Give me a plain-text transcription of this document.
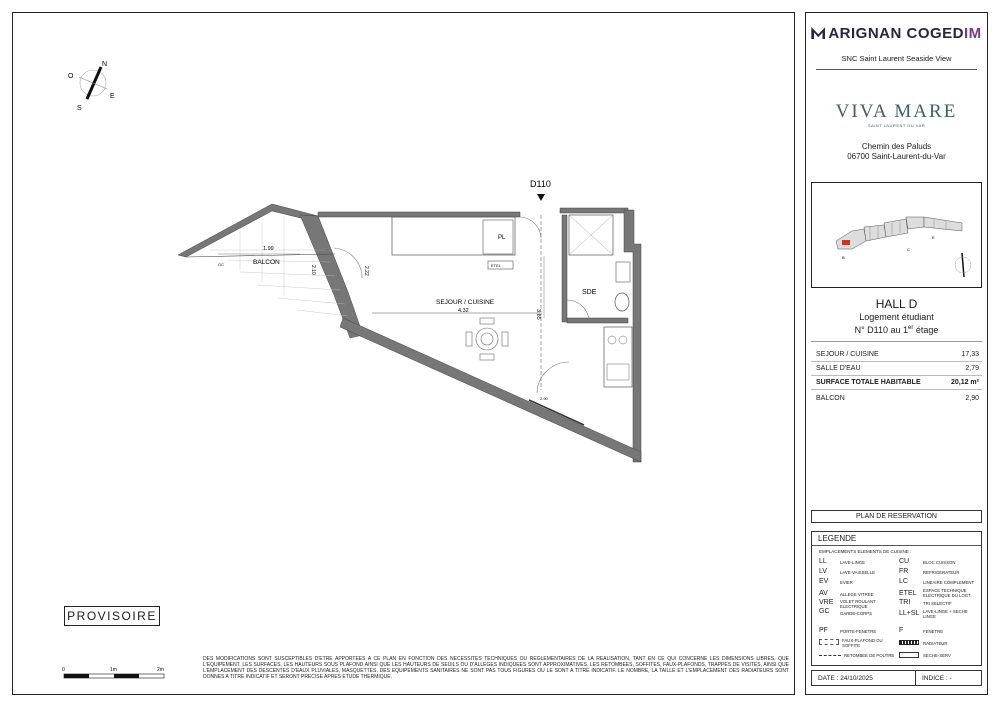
N
E
S
O
D110
PL
ETEL
SDE
SEJOUR / CUISINE
4.32	3.85
BALCON
1.99
2.22
2.10
2.90
GC
0	1m	2m
PROVISOIRE
DES MODIFICATIONS SONT SUSCEPTIBLES D'ETRE APPORTEES A CE PLAN EN FONCTION DES NECESSITES TECHNIQUES OU REGLEMENTAIRES DE LA REALISATION, TANT EN CE QUI CONCERNE LES DIMENSIONS LIBRES, QUE L'EQUIPEMENT. LES SURFACES, LES HAUTEURS SOUS PLAFOND AINSI QUE LES HAUTEURS DE SEUILS OU D'ALLEGES INDIQUEES SONT APPROXIMATIVES. LES RETOMBEES, SOFFITES, FAUX-PLAFONDS, TRAPPES DE VISITES, AINSI QUE L'EMPLACEMENT DES DESCENTES D'EAUX PLUVIALES, MASQUETTES, DES EQUIPEMENTS SANITAIRES NE SONT PAS TOUS FIGURES OU LE SONT A TITRE INDICATIF. LE NOMBRE, LA TAILLE ET L'EMPLACEMENT DES RADIATEURS SONT DONNES A TITRE INDICATIF ET SERONT PRECISE APRES ETUDE THERMIQUE.
ARIGNAN COGEDIM
SNC Saint Laurent Seaside View
VIVA MARE
SAINT LAURENT DU VAR
Chemin des Paluds
06700 Saint-Laurent-du-Var
B
C
E
HALL D
Logement étudiant
N° D110 au 1er étage
SEJOUR / CUISINE	17,33
SALLE D'EAU	2,79
SURFACE TOTALE HABITABLE	20,12 m²
BALCON	2,90
PLAN DE RESERVATION
LEGENDE
EMPLACEMENTS ELEMENTS DE CUISINE :
LL	LAVE-LINGE
LV	LAVE-VAISSELLE
EV	EVIER
AV	ALLEGE VITREE
VRE VOLET ROULANT ELECTRIQUE
GC GARDE-CORPS
PF	PORTE-FENETRE
CU	BLOC CUISSON
FR	REFRIGERATEUR
LC	LINEAIRE COMPLEMENT
ETEL ESPACE TECHNIQUE ELECTRIQUE DU LOGT.
TRI	TRI SELECTIF
LL+SL LAVE-LINGE + SECHE LINGE
F	FENETRE
FAUX-PLAFOND OU SOFFITE	RADIATEUR
RETOMBEE DE POUTRE	SECHE-SERV
DATE : 24/10/2025	INDICE : -
